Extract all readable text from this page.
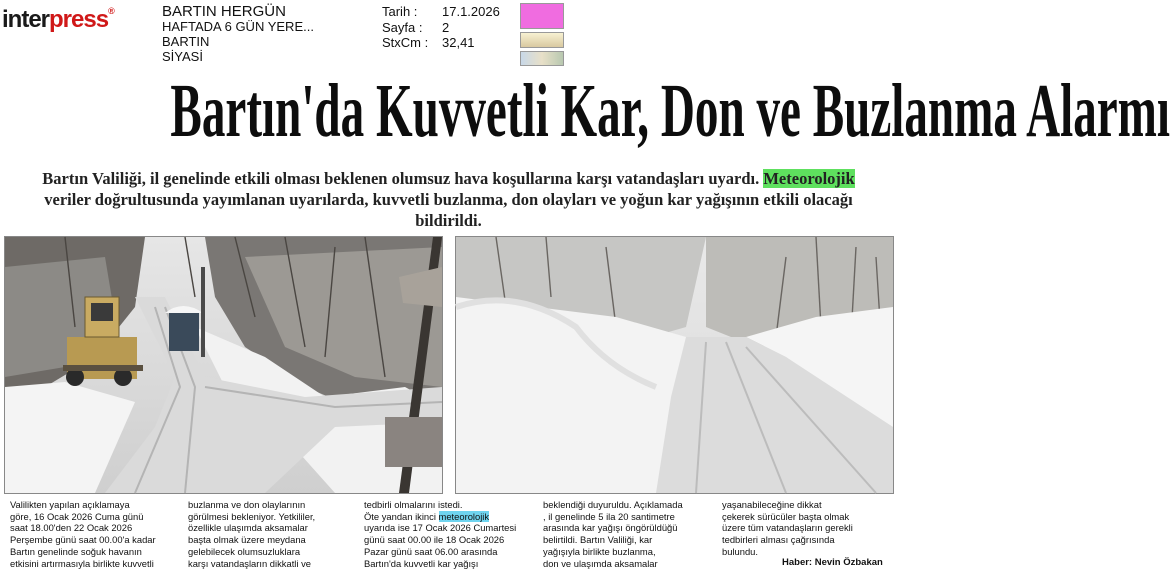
interpress®	BARTIN HERGÜN
HAFTADA 6 GÜN YERE...
BARTIN
SİYASİ
Tarih :	17.1.2026
Sayfa :	2
StxCm :	32,41
Bartın'da Kuvvetli Kar, Don ve Buzlanma Alarmı
Bartın Valiliği, il genelinde etkili olması beklenen olumsuz hava koşullarına karşı vatandaşları uyardı. Meteorolojik veriler doğrultusunda yayımlanan uyarılarda, kuvvetli buzlanma, don olayları ve yoğun kar yağışının etkili olacağı bildirildi.
Valilikten yapılan açıklamaya
göre, 16 Ocak 2026 Cuma günü
saat 18.00'den 22 Ocak 2026
Perşembe günü saat 00.00'a kadar
Bartın genelinde soğuk havanın
etkisini artırmasıyla birlikte kuvvetli
buzlanma ve don olaylarının
görülmesi bekleniyor. Yetkililer,
özellikle ulaşımda aksamalar
başta olmak üzere meydana
gelebilecek olumsuzluklara
karşı vatandaşların dikkatli ve
tedbirli olmalarını istedi.
Öte yandan ikinci meteorolojik
uyarıda ise 17 Ocak 2026 Cumartesi
günü saat 00.00 ile 18 Ocak 2026
Pazar günü saat 06.00 arasında
Bartın'da kuvvetli kar yağışı
beklendiği duyuruldu. Açıklamada
, il genelinde 5 ila 20 santimetre
arasında kar yağışı öngörüldüğü
belirtildi. Bartın Valiliği, kar
yağışıyla birlikte buzlanma,
don ve ulaşımda aksamalar
yaşanabileceğine dikkat
çekerek sürücüler başta olmak
üzere tüm vatandaşların gerekli
tedbirleri alması çağrısında
bulundu.
Haber: Nevin Özbakan
